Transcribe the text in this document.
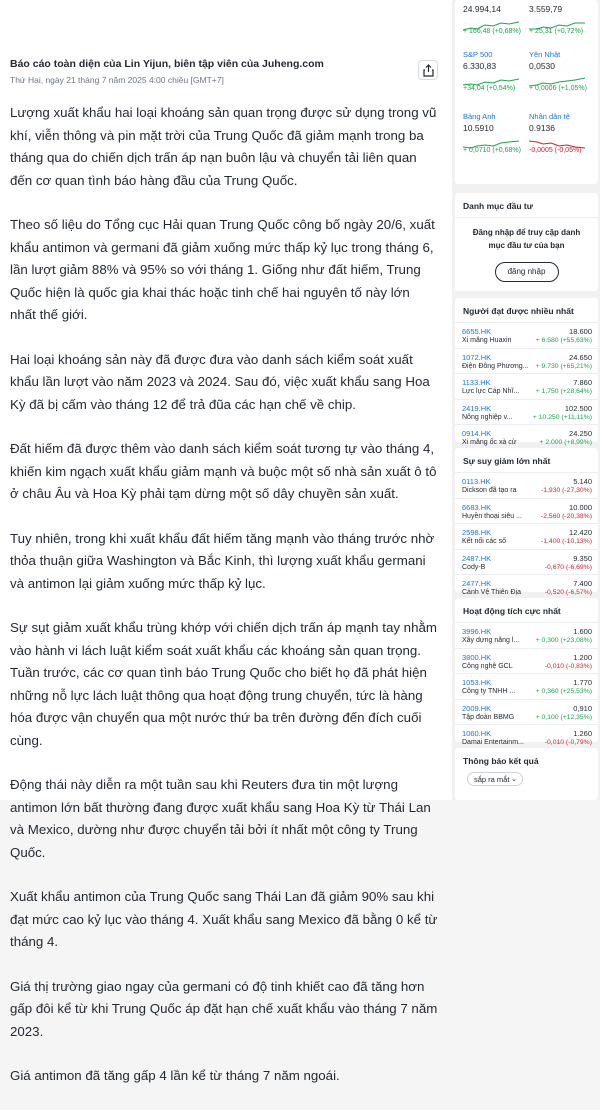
Báo cáo toàn diện của Lin Yijun, biên tập viên của Juheng.com
Thứ Hai, ngày 21 tháng 7 năm 2025 4:00 chiều [GMT+7]

Lượng xuất khẩu hai loại khoáng sản quan trọng được sử dụng trong vũ khí, viễn thông và pin mặt trời của Trung Quốc đã giảm mạnh trong ba tháng qua do chiến dịch trấn áp nạn buôn lậu và chuyển tải liên quan đến cơ quan tình báo hàng đầu của Trung Quốc.

Theo số liệu do Tổng cục Hải quan Trung Quốc công bố ngày 20/6, xuất khẩu antimon và germani đã giảm xuống mức thấp kỷ lục trong tháng 6, lần lượt giảm 88% và 95% so với tháng 1. Giống như đất hiếm, Trung Quốc hiện là quốc gia khai thác hoặc tinh chế hai nguyên tố này lớn nhất thế giới.

Hai loại khoáng sản này đã được đưa vào danh sách kiểm soát xuất khẩu lần lượt vào năm 2023 và 2024. Sau đó, việc xuất khẩu sang Hoa Kỳ đã bị cấm vào tháng 12 để trả đũa các hạn chế về chip.

Đất hiếm đã được thêm vào danh sách kiểm soát tương tự vào tháng 4, khiến kim ngạch xuất khẩu giảm mạnh và buộc một số nhà sản xuất ô tô ở châu Âu và Hoa Kỳ phải tạm dừng một số dây chuyền sản xuất.

Tuy nhiên, trong khi xuất khẩu đất hiếm tăng mạnh vào tháng trước nhờ thỏa thuận giữa Washington và Bắc Kinh, thì lượng xuất khẩu germani và antimon lại giảm xuống mức thấp kỷ lục.

Sự sụt giảm xuất khẩu trùng khớp với chiến dịch trấn áp mạnh tay nhằm vào hành vi lách luật kiểm soát xuất khẩu các khoáng sản quan trọng. Tuần trước, các cơ quan tình báo Trung Quốc cho biết họ đã phát hiện những nỗ lực lách luật thông qua hoạt động trung chuyển, tức là hàng hóa được vận chuyển qua một nước thứ ba trên đường đến đích cuối cùng.

Động thái này diễn ra một tuần sau khi Reuters đưa tin một lượng antimon lớn bất thường đang được xuất khẩu sang Hoa Kỳ từ Thái Lan và Mexico, dường như được chuyển tải bởi ít nhất một công ty Trung Quốc.

Xuất khẩu antimon của Trung Quốc sang Thái Lan đã giảm 90% sau khi đạt mức cao kỷ lục vào tháng 4. Xuất khẩu sang Mexico đã bằng 0 kể từ tháng 4.

Giá thị trường giao ngay của germani có độ tinh khiết cao đã tăng hơn gấp đôi kể từ khi Trung Quốc áp đặt hạn chế xuất khẩu vào tháng 7 năm 2023.

Giá antimon đã tăng gấp 4 lần kể từ tháng 7 năm ngoái.

24.994,14
+ 166,48 (+0,68%)
3.559,79
+ 25,31 (+0,72%)
S&P 500
6.330,83
+34,04 (+0,54%)
Yên Nhật
0,0530
+ 0,0006 (+1,05%)
Bảng Anh
10.5910
+ 0,0710 (+0,68%)
Nhân dân tệ
0.9136
-0,0005 (-0,05%)
Danh mục đầu tư
Đăng nhập để truy cập danh mục đầu tư của bạn
đăng nhập
Người đạt được nhiều nhất
6655.HK
Xi măng Huaxin
18.600
+ 6.580 (+55,63%)
1072.HK
Điện Đông Phương...
24.650
+ 9.730 (+65,21%)
1133.HK
Lực lực Cáp Nhĩ...
7.860
+ 1,750 (+28,64%)
2419.HK
Nông nghiệp v...
102.500
+ 10.250 (+11,11%)
0914.HK
Xi măng ốc xà cừ
24.250
+ 2.000 (+8,99%)
Sự suy giảm lớn nhất
0113.HK
Dickson đã tạo ra
5.140
-1,930 (-27,30%)
6683.HK
Huyền thoại siêu ...
10.000
-2,560 (-20,38%)
2598.HK
Kết nối các số
12.420
-1,400 (-10,13%)
2487.HK
Cody-B
9.350
-0,670 (-6,69%)
2477.HK
Cảnh Vệ Thiên Địa
7.400
-0,520 (-6,57%)
Hoạt động tích cực nhất
3996.HK
Xây dựng năng l...
1.600
+ 0,300 (+23,08%)
3800.HK
Công nghệ GCL
1.200
-0,010 (-0,83%)
1053.HK
Công ty TNHH ...
1.770
+ 0,360 (+25,53%)
2009.HK
Tập đoàn BBMG
0,910
+ 0,100 (+12,35%)
1060.HK
Damai Entertainm...
1.260
-0,010 (-0,79%)
Thông báo kết quả
sắp ra mắt ⌄
